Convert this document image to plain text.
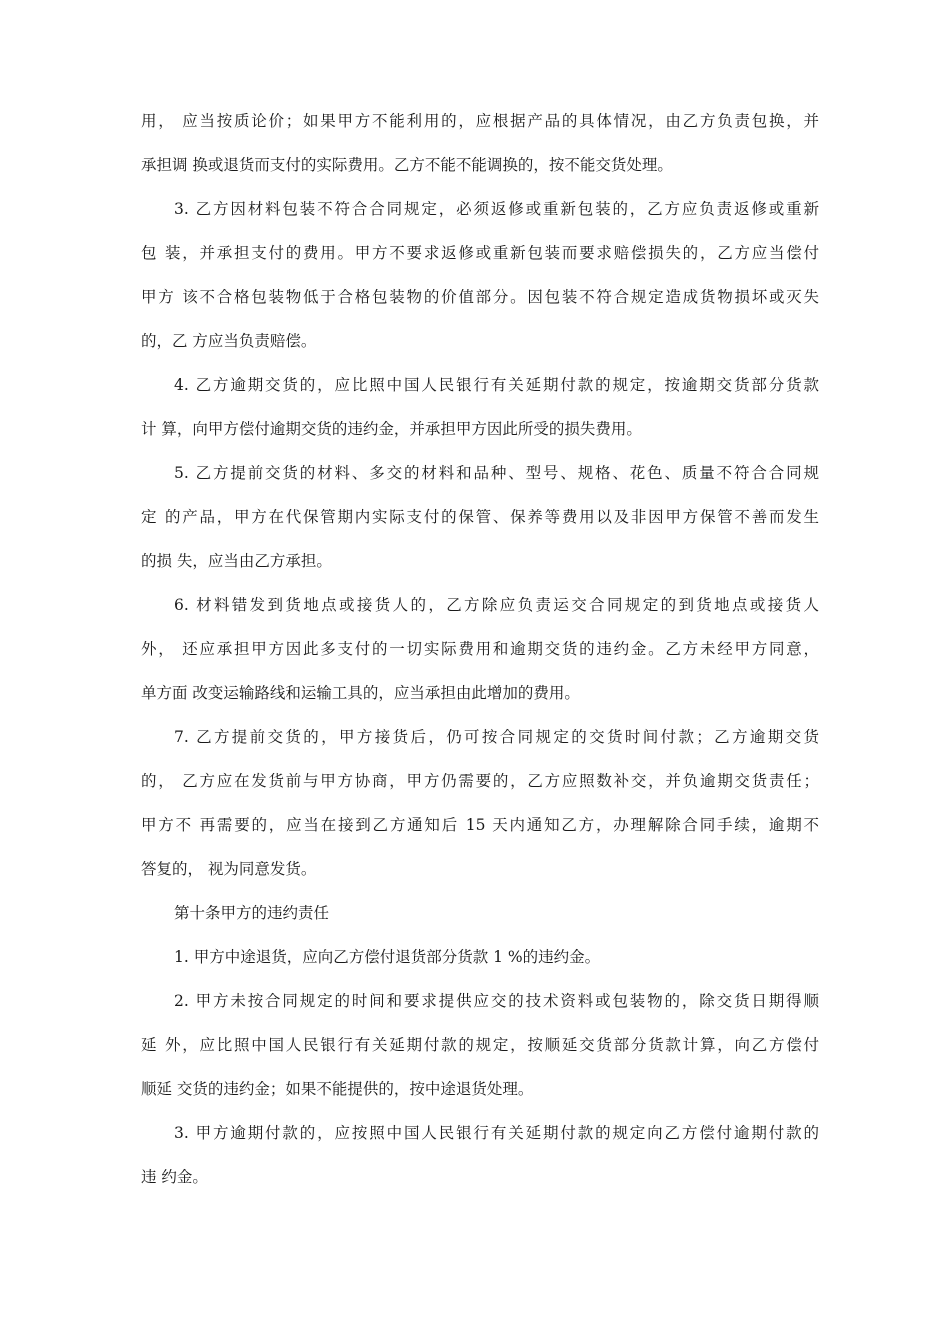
用， 应当按质论价；如果甲方不能利用的，应根据产品的具体情况，由乙方负责包换，并
承担调 换或退货而支付的实际费用。乙方不能不能调换的，按不能交货处理。
3. 乙方因材料包装不符合合同规定，必须返修或重新包装的，乙方应负责返修或重新
包 装，并承担支付的费用。甲方不要求返修或重新包装而要求赔偿损失的，乙方应当偿付
甲方 该不合格包装物低于合格包装物的价值部分。因包装不符合规定造成货物损坏或灭失
的，乙 方应当负责赔偿。
4. 乙方逾期交货的，应比照中国人民银行有关延期付款的规定，按逾期交货部分货款
计 算，向甲方偿付逾期交货的违约金，并承担甲方因此所受的损失费用。
5. 乙方提前交货的材料、多交的材料和品种、型号、规格、花色、质量不符合合同规
定 的产品，甲方在代保管期内实际支付的保管、保养等费用以及非因甲方保管不善而发生
的损 失，应当由乙方承担。
6. 材料错发到货地点或接货人的，乙方除应负责运交合同规定的到货地点或接货人
外， 还应承担甲方因此多支付的一切实际费用和逾期交货的违约金。乙方未经甲方同意，
单方面 改变运输路线和运输工具的，应当承担由此增加的费用。
7. 乙方提前交货的，甲方接货后，仍可按合同规定的交货时间付款；乙方逾期交货
的， 乙方应在发货前与甲方协商，甲方仍需要的，乙方应照数补交，并负逾期交货责任；
甲方不 再需要的，应当在接到乙方通知后 15 天内通知乙方，办理解除合同手续，逾期不
答复的， 视为同意发货。
第十条甲方的违约责任
1. 甲方中途退货，应向乙方偿付退货部分货款 1 %的违约金。
2. 甲方未按合同规定的时间和要求提供应交的技术资料或包装物的，除交货日期得顺
延 外，应比照中国人民银行有关延期付款的规定，按顺延交货部分货款计算，向乙方偿付
顺延 交货的违约金；如果不能提供的，按中途退货处理。
3. 甲方逾期付款的，应按照中国人民银行有关延期付款的规定向乙方偿付逾期付款的
违 约金。
